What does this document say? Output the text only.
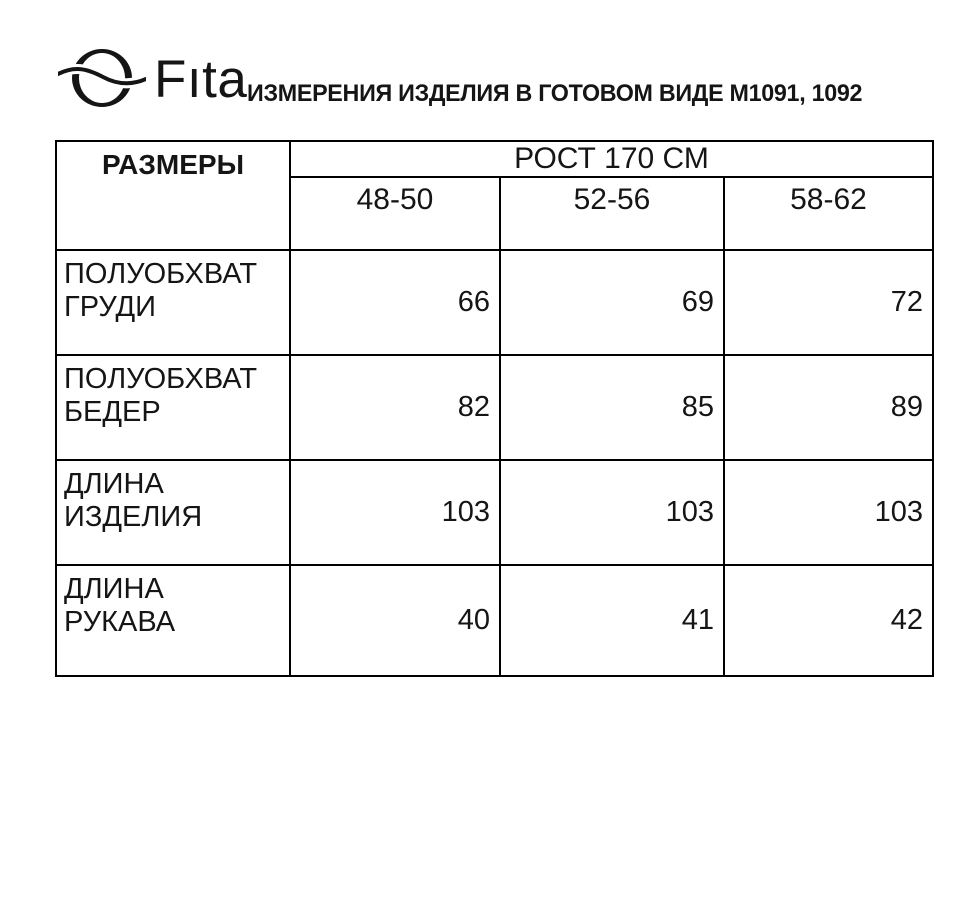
Fıta ИЗМЕРЕНИЯ ИЗДЕЛИЯ В ГОТОВОМ ВИДЕ М1091, 1092
РАЗМЕРЫ	РОСТ 170 СМ		
	48-50	52-56	58-62

ПОЛУОБХВАТ
ГРУДИ	66	69	72

ПОЛУОБХВАТ
БЕДЕР	82	85	89

ДЛИНА
ИЗДЕЛИЯ	103	103	103

ДЛИНА
РУКАВА	40	41	42
